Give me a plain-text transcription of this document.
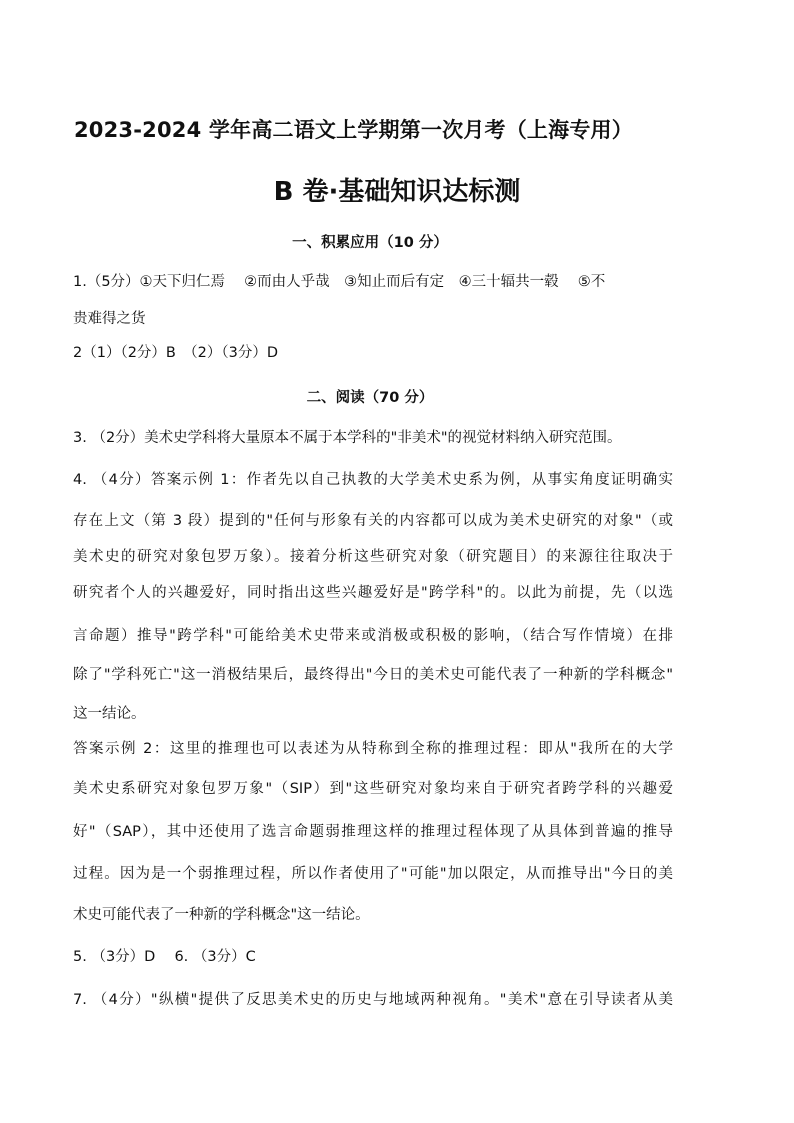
2023-2024 学年高二语文上学期第一次月考（上海专用）
B 卷·基础知识达标测
一、积累应用（10 分）
1.（5分）①天下归仁焉　 ②而由人乎哉　③知止而后有定　④三十辐共一毂　 ⑤不
贵难得之货
2（1）（2分）B　（2）（3分）D
二、阅读（70 分）
3. （2分）美术史学科将大量原本不属于本学科的"非美术"的视觉材料纳入研究范围。
4. （4分）答案示例 1：作者先以自己执教的大学美术史系为例，从事实角度证明确实
存在上文（第 3 段）提到的"任何与形象有关的内容都可以成为美术史研究的对象"（或
美术史的研究对象包罗万象）。接着分析这些研究对象（研究题目）的来源往往取决于
研究者个人的兴趣爱好，同时指出这些兴趣爱好是"跨学科"的。以此为前提，先（以选
言命题）推导"跨学科"可能给美术史带来或消极或积极的影响，（结合写作情境）在排
除了"学科死亡"这一消极结果后，最终得出"今日的美术史可能代表了一种新的学科概念"
这一结论。
答案示例 2：这里的推理也可以表述为从特称到全称的推理过程：即从"我所在的大学
美术史系研究对象包罗万象"（SIP）到"这些研究对象均来自于研究者跨学科的兴趣爱
好"（SAP），其中还使用了选言命题弱推理这样的推理过程体现了从具体到普遍的推导
过程。因为是一个弱推理过程，所以作者使用了"可能"加以限定，从而推导出"今日的美
术史可能代表了一种新的学科概念"这一结论。
5. （3分）D　 6. （3分）C
7. （4分）"纵横"提供了反思美术史的历史与地域两种视角。"美术"意在引导读者从美
